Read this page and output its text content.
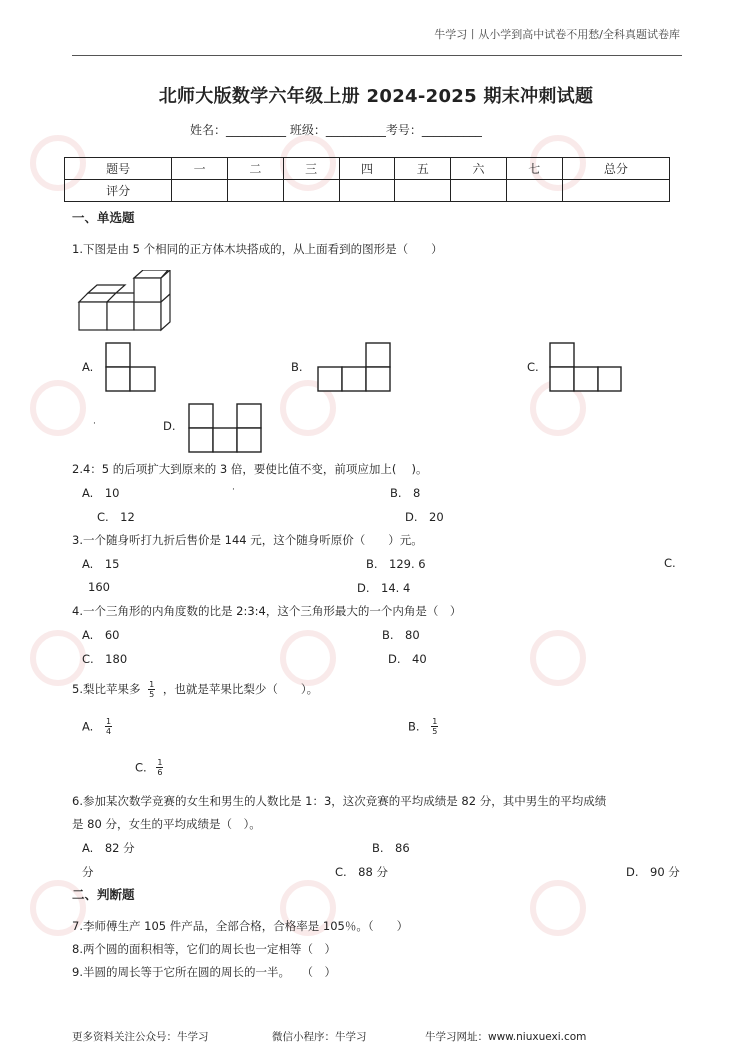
牛学习丨从小学到高中试卷不用愁/全科真题试卷库
北师大版数学六年级上册 2024-2025 期末冲刺试题
姓名：__________ 班级：__________考号：__________
题号	一	二	三	四	五	六	七	总分
评分								
一、单选题
1.下图是由 5 个相同的正方体木块搭成的，从上面看到的图形是（　　）
A.	B.	C.
·	D.
2.4：5 的后项扩大到原来的 3 倍，要使比值不变，前项应加上(　 )。
A.　10	·	B.　8
C.　12	D.　20
3.一个随身听打九折后售价是 144 元，这个随身听原价（　　）元。
A.　15	B.　129. 6	C.
160	D.　14. 4
4.一个三角形的内角度数的比是 2:3:4，这个三角形最大的一个内角是（　）
A.　60	B.　80
C.　180	D.　40
5.梨比苹果多 $\frac{1}{5}$ ，也就是苹果比梨少（　　）。
A. $\frac{1}{4}$	B. $\frac{1}{5}$
C. $\frac{1}{6}$
6.参加某次数学竞赛的女生和男生的人数比是 1：3，这次竞赛的平均成绩是 82 分，其中男生的平均成绩
是 80 分，女生的平均成绩是（　）。
A.　82 分	B.　86
分	C.　88 分	D.　90 分
二、判断题
7.李师傅生产 105 件产品，全部合格，合格率是 105％。（　　）
8.两个圆的面积相等，它们的周长也一定相等（　）
9.半圆的周长等于它所在圆的周长的一半。　　（　）
更多资料关注公众号：牛学习	微信小程序：牛学习	牛学习网址：www.niuxuexi.com
